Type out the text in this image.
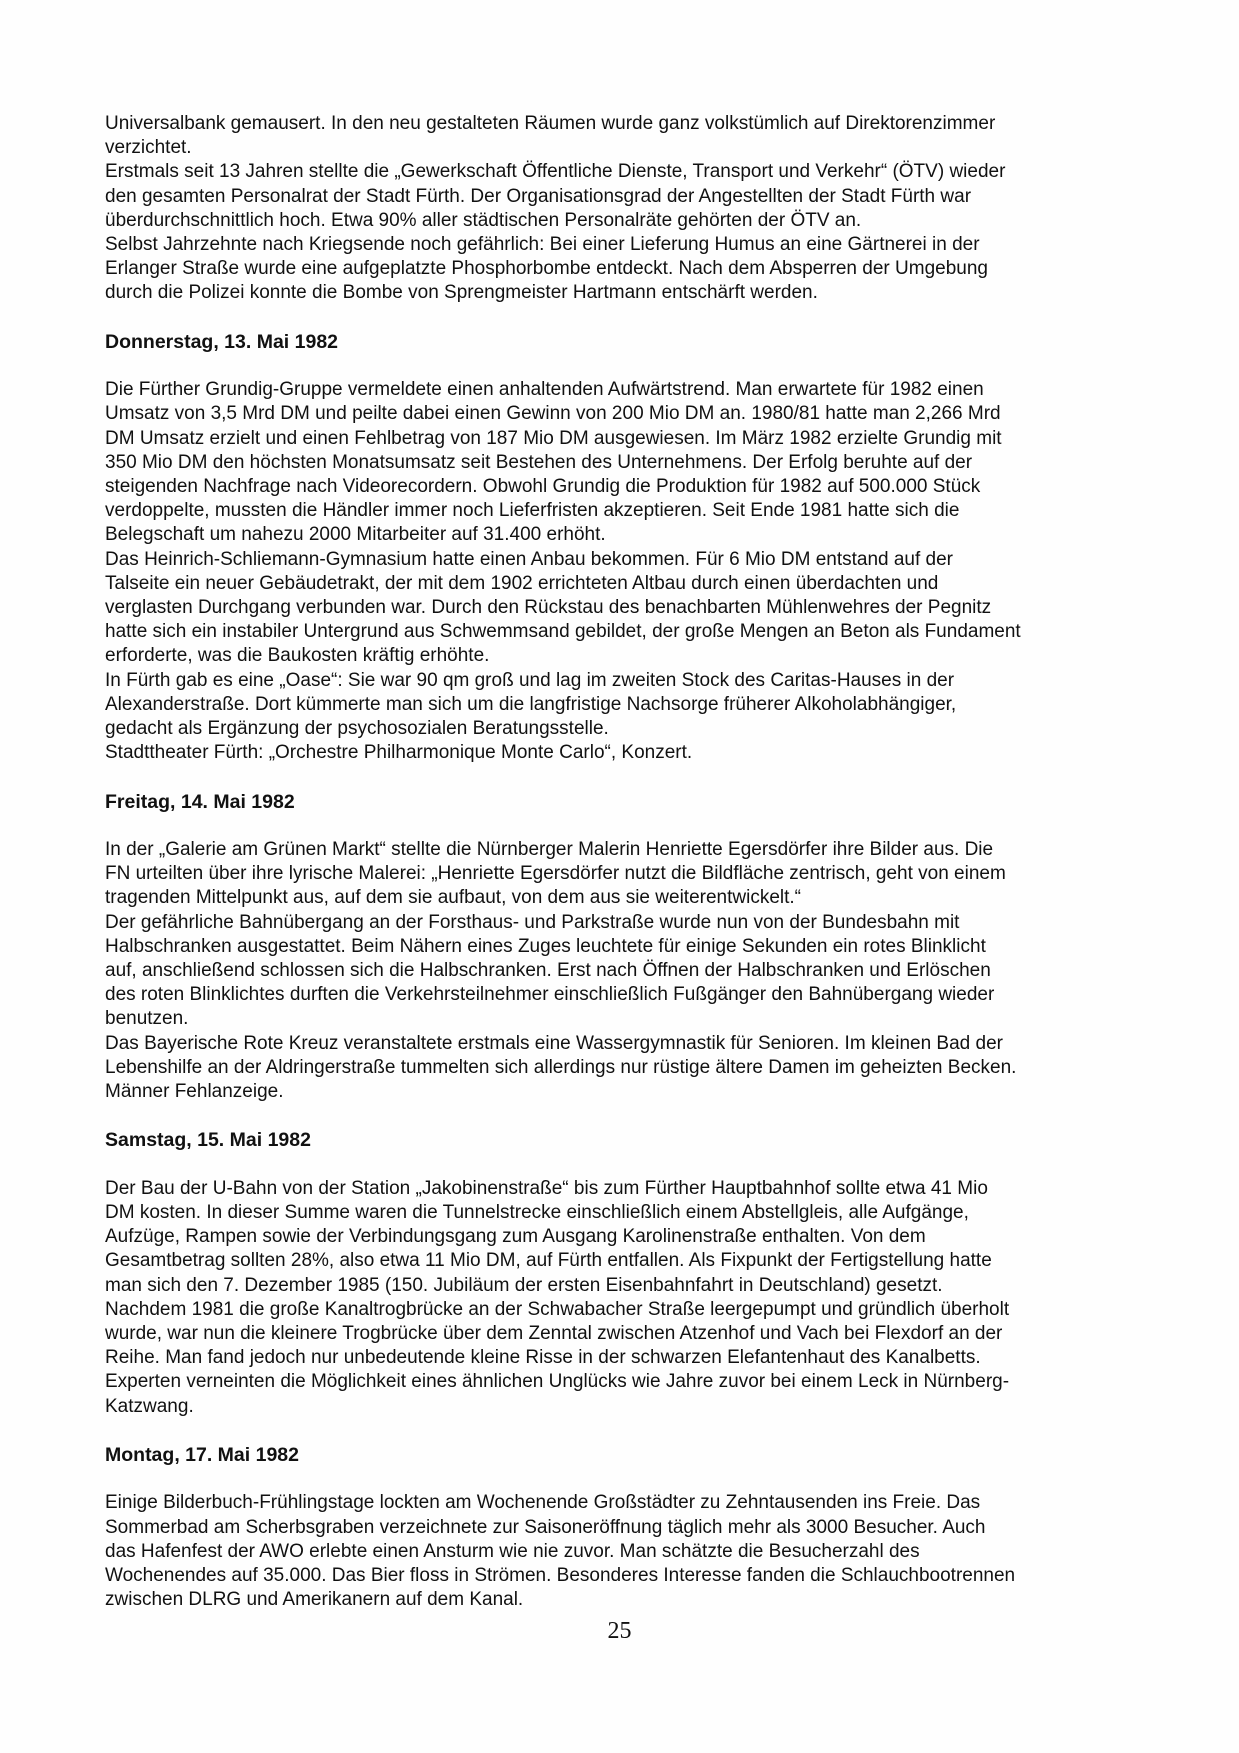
Universalbank gemausert. In den neu gestalteten Räumen wurde ganz volkstümlich auf Direktorenzimmer
verzichtet.
Erstmals seit 13 Jahren stellte die „Gewerkschaft Öffentliche Dienste, Transport und Verkehr“ (ÖTV) wieder
den gesamten Personalrat der Stadt Fürth. Der Organisationsgrad der Angestellten der Stadt Fürth war
überdurchschnittlich hoch. Etwa 90% aller städtischen Personalräte gehörten der ÖTV an.
Selbst Jahrzehnte nach Kriegsende noch gefährlich: Bei einer Lieferung Humus an eine Gärtnerei in der
Erlanger Straße wurde eine aufgeplatzte Phosphorbombe entdeckt. Nach dem Absperren der Umgebung
durch die Polizei konnte die Bombe von Sprengmeister Hartmann entschärft werden.
Donnerstag, 13. Mai 1982
Die Fürther Grundig-Gruppe vermeldete einen anhaltenden Aufwärtstrend. Man erwartete für 1982 einen
Umsatz von 3,5 Mrd DM und peilte dabei einen Gewinn von 200 Mio DM an. 1980/81 hatte man 2,266 Mrd
DM Umsatz erzielt und einen Fehlbetrag von 187 Mio DM ausgewiesen. Im März 1982 erzielte Grundig mit
350 Mio DM den höchsten Monatsumsatz seit Bestehen des Unternehmens. Der Erfolg beruhte auf der
steigenden Nachfrage nach Videorecordern. Obwohl Grundig die Produktion für 1982 auf 500.000 Stück
verdoppelte, mussten die Händler immer noch Lieferfristen akzeptieren. Seit Ende 1981 hatte sich die
Belegschaft um nahezu 2000 Mitarbeiter auf 31.400 erhöht.
Das Heinrich-Schliemann-Gymnasium hatte einen Anbau bekommen. Für 6 Mio DM entstand auf der
Talseite ein neuer Gebäudetrakt, der mit dem 1902 errichteten Altbau durch einen überdachten und
verglasten Durchgang verbunden war. Durch den Rückstau des benachbarten Mühlenwehres der Pegnitz
hatte sich ein instabiler Untergrund aus Schwemmsand gebildet, der große Mengen an Beton als Fundament
erforderte, was die Baukosten kräftig erhöhte.
In Fürth gab es eine „Oase“: Sie war 90 qm groß und lag im zweiten Stock des Caritas-Hauses in der
Alexanderstraße. Dort kümmerte man sich um die langfristige Nachsorge früherer Alkoholabhängiger,
gedacht als Ergänzung der psychosozialen Beratungsstelle.
Stadttheater Fürth: „Orchestre Philharmonique Monte Carlo“, Konzert.
Freitag, 14. Mai 1982
In der „Galerie am Grünen Markt“ stellte die Nürnberger Malerin Henriette Egersdörfer ihre Bilder aus. Die
FN urteilten über ihre lyrische Malerei: „Henriette Egersdörfer nutzt die Bildfläche zentrisch, geht von einem
tragenden Mittelpunkt aus, auf dem sie aufbaut, von dem aus sie weiterentwickelt.“
Der gefährliche Bahnübergang an der Forsthaus- und Parkstraße wurde nun von der Bundesbahn mit
Halbschranken ausgestattet. Beim Nähern eines Zuges leuchtete für einige Sekunden ein rotes Blinklicht
auf, anschließend schlossen sich die Halbschranken. Erst nach Öffnen der Halbschranken und Erlöschen
des roten Blinklichtes durften die Verkehrsteilnehmer einschließlich Fußgänger den Bahnübergang wieder
benutzen.
Das Bayerische Rote Kreuz veranstaltete erstmals eine Wassergymnastik für Senioren. Im kleinen Bad der
Lebenshilfe an der Aldringerstraße tummelten sich allerdings nur rüstige ältere Damen im geheizten Becken.
Männer Fehlanzeige.
Samstag, 15. Mai 1982
Der Bau der U-Bahn von der Station „Jakobinenstraße“ bis zum Fürther Hauptbahnhof sollte etwa 41 Mio
DM kosten. In dieser Summe waren die Tunnelstrecke einschließlich einem Abstellgleis, alle Aufgänge,
Aufzüge, Rampen sowie der Verbindungsgang zum Ausgang Karolinenstraße enthalten. Von dem
Gesamtbetrag sollten 28%, also etwa 11 Mio DM, auf Fürth entfallen. Als Fixpunkt der Fertigstellung hatte
man sich den 7. Dezember 1985 (150. Jubiläum der ersten Eisenbahnfahrt in Deutschland) gesetzt.
Nachdem 1981 die große Kanaltrogbrücke an der Schwabacher Straße leergepumpt und gründlich überholt
wurde, war nun die kleinere Trogbrücke über dem Zenntal zwischen Atzenhof und Vach bei Flexdorf an der
Reihe. Man fand jedoch nur unbedeutende kleine Risse in der schwarzen Elefantenhaut des Kanalbetts.
Experten verneinten die Möglichkeit eines ähnlichen Unglücks wie Jahre zuvor bei einem Leck in Nürnberg-
Katzwang.
Montag, 17. Mai 1982
Einige Bilderbuch-Frühlingstage lockten am Wochenende Großstädter zu Zehntausenden ins Freie. Das
Sommerbad am Scherbsgraben verzeichnete zur Saisoneröffnung täglich mehr als 3000 Besucher. Auch
das Hafenfest der AWO erlebte einen Ansturm wie nie zuvor. Man schätzte die Besucherzahl des
Wochenendes auf 35.000. Das Bier floss in Strömen. Besonderes Interesse fanden die Schlauchbootrennen
zwischen DLRG und Amerikanern auf dem Kanal.
25
